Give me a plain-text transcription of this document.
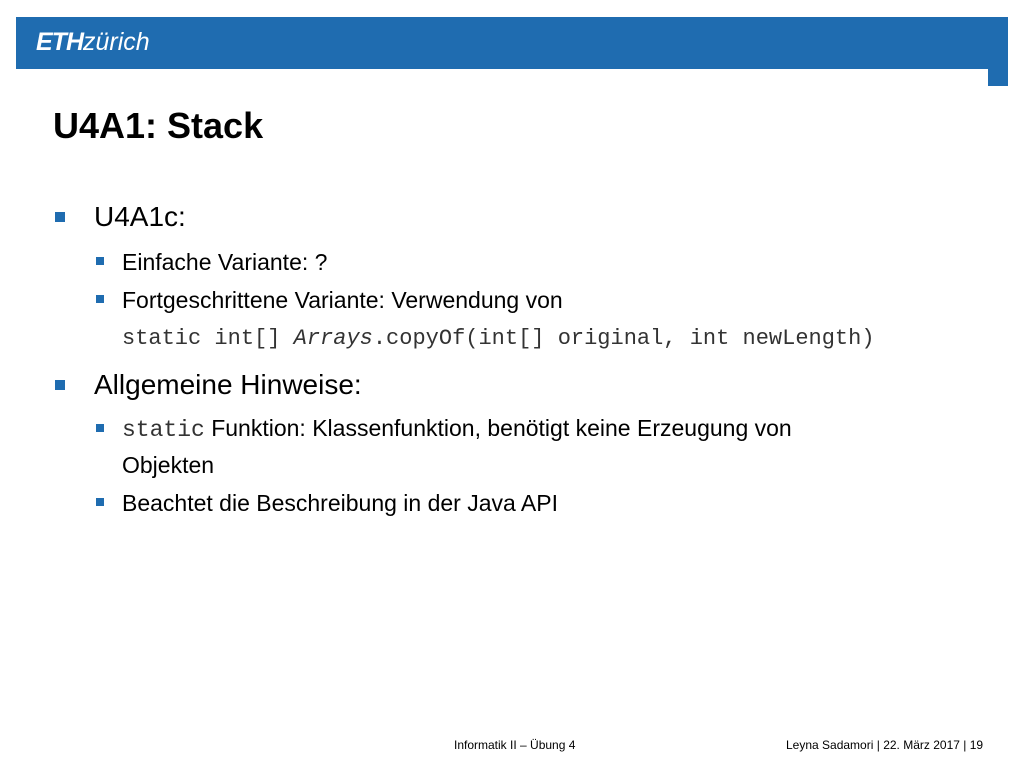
ETHzürich
U4A1: Stack
U4A1c:
Einfache Variante: ?
Fortgeschrittene Variante: Verwendung von
static int[] Arrays.copyOf(int[] original, int newLength)
Allgemeine Hinweise:
static Funktion: Klassenfunktion, benötigt keine Erzeugung von
Objekten
Beachtet die Beschreibung in der Java API
Informatik II – Übung 4	Leyna Sadamori | 22. März 2017 | 19
